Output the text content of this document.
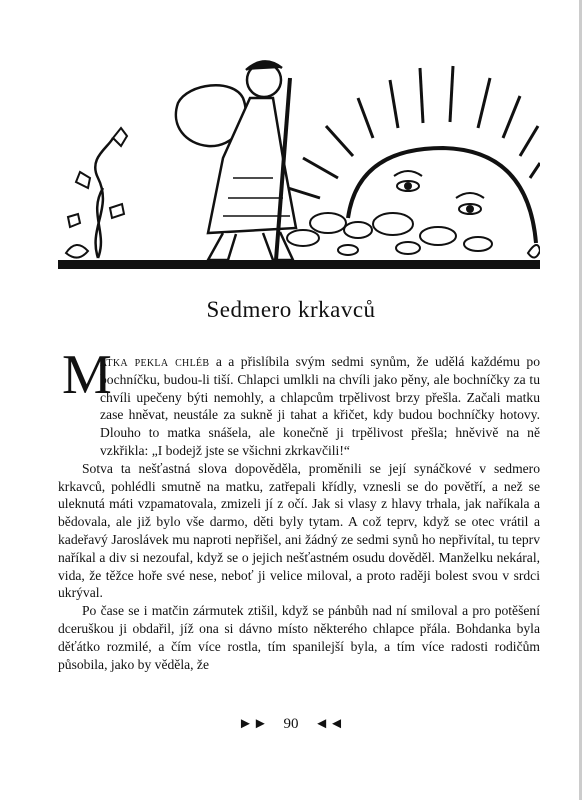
Sedmero krkavců
M

atka pekla chléb a a přislíbila svým sedmi synům, že udělá každému po bochníčku, budou-li tiší. Chlapci umlkli na chvíli jako pěny, ale bochníčky za tu chvíli upečeny býti nemohly, a chlapcům trpělivost brzy přešla. Začali matku zase hněvat, neustále za sukně ji tahat a křičet, kdy budou bochníčky hotovy. Dlouho to matka snášela, ale konečně ji trpělivost přešla; hněvivě na ně vzkřikla: „I bodejž jste se všichni zkrkavčili!“

Sotva ta nešťastná slova dopověděla, proměnili se její synáčkové v sedmero krkavců, pohlédli smutně na matku, zatřepali křídly, vznesli se do povětří, a než se uleknutá máti vzpamatovala, zmizeli jí z očí. Jak si vlasy z hlavy trhala, jak naříkala a bědovala, ale již bylo vše darmo, děti byly tytam. A což teprv, když se otec vrátil a kadeřavý Jaroslávek mu naproti nepřišel, ani žádný ze sedmi synů ho nepřivítal, tu teprv naříkal a div si nezoufal, když se o jejich nešťastném osudu dověděl. Manželku nekáral, vida, že těžce hoře své nese, neboť ji velice miloval, a proto raději bolest svou v srdci ukrýval.

Po čase se i matčin zármutek ztišil, když se pánbůh nad ní smiloval a pro potěšení dceruškou ji obdařil, jíž ona si dávno místo některého chlapce přála. Bohdanka byla děťátko rozmilé, a čím více rostla, tím spanilejší byla, a tím více radosti rodičům působila, jako by věděla, že

►► 90 ◄◄
